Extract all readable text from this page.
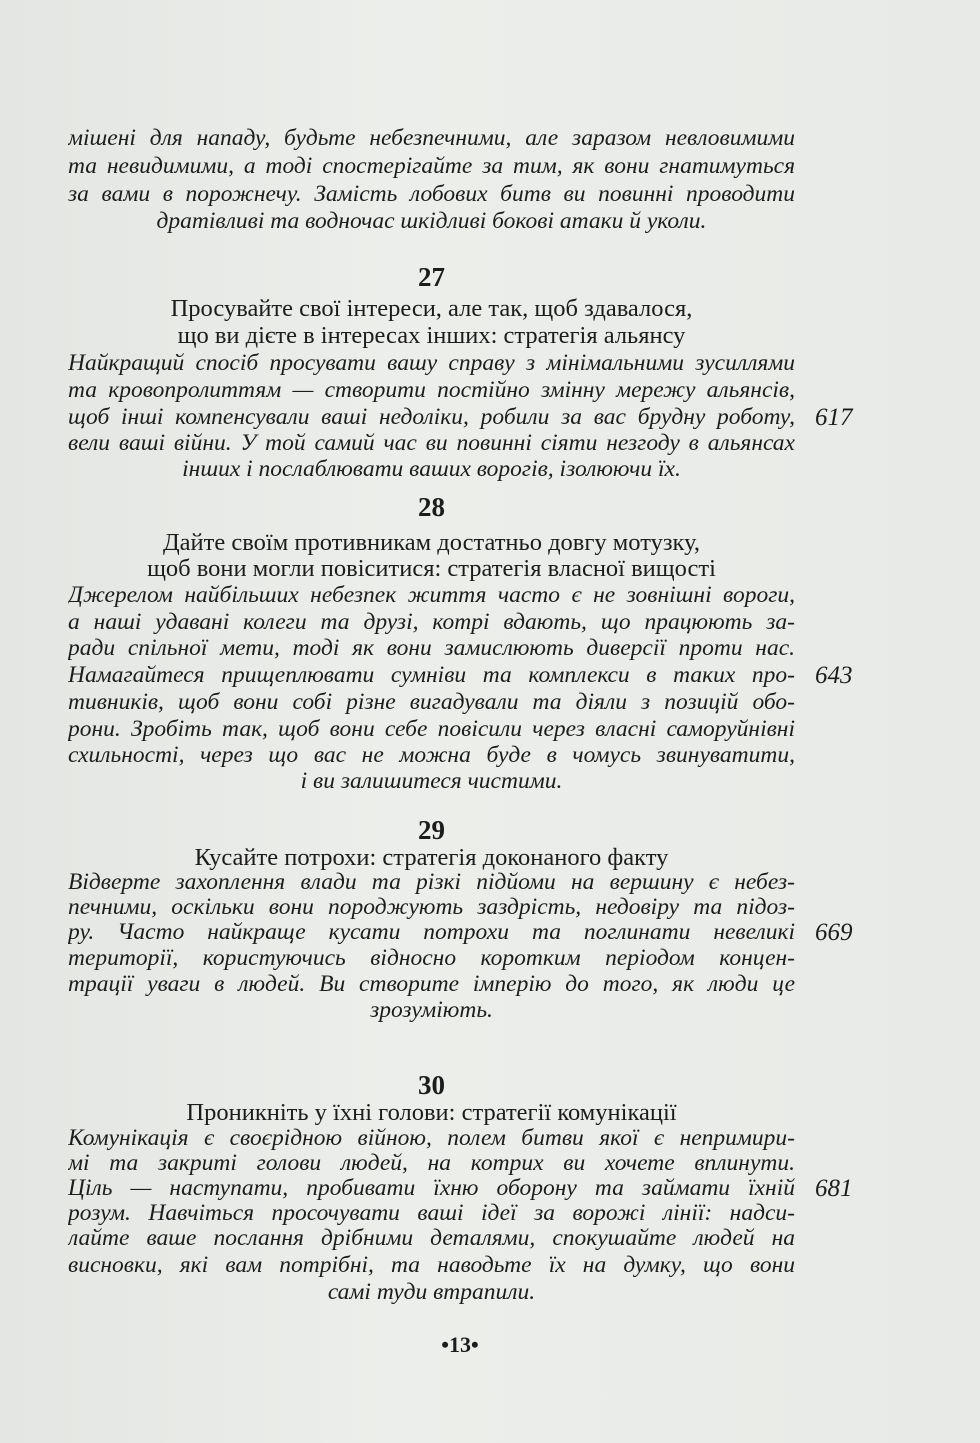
мішені для нападу, будьте небезпечними, але заразом невловимими
та невидимими, а тоді спостерігайте за тим, як вони гнатимуться
за вами в порожнечу. Замість лобових битв ви повинні проводити
дратівливі та водночас шкідливі бокові атаки й уколи.
27
Просувайте свої інтереси, але так, щоб здавалося,
що ви дієте в інтересах інших: стратегія альянсу
Найкращий спосіб просувати вашу справу з мінімальними зусиллями
та кровопролиттям — створити постійно змінну мережу альянсів,
щоб інші компенсували ваші недоліки, робили за вас брудну роботу,
вели ваші війни. У той самий час ви повинні сіяти незгоду в альянсах
інших і послаблювати ваших ворогів, ізолюючи їх.
617
28
Дайте своїм противникам достатньо довгу мотузку,
щоб вони могли повіситися: стратегія власної вищості
Джерелом найбільших небезпек життя часто є не зовнішні вороги,
а наші удавані колеги та друзі, котрі вдають, що працюють за-
ради спільної мети, тоді як вони замислюють диверсії проти нас.
Намагайтеся прищеплювати сумніви та комплекси в таких про-
тивників, щоб вони собі різне вигадували та діяли з позицій обо-
рони. Зробіть так, щоб вони себе повісили через власні саморуйнівні
схильності, через що вас не можна буде в чомусь звинуватити,
і ви залишитеся чистими.
643
29
Кусайте потрохи: стратегія доконаного факту
Відверте захоплення влади та різкі підйоми на вершину є небез-
печними, оскільки вони породжують заздрість, недовіру та підоз-
ру. Часто найкраще кусати потрохи та поглинати невеликі
території, користуючись відносно коротким періодом концен-
трації уваги в людей. Ви створите імперію до того, як люди це
зрозуміють.
669
30
Проникніть у їхні голови: стратегії комунікації
Комунікація є своєрідною війною, полем битви якої є непримири-
мі та закриті голови людей, на котрих ви хочете вплинути.
Ціль — наступати, пробивати їхню оборону та займати їхній
розум. Навчіться просочувати ваші ідеї за ворожі лінії: надси-
лайте ваше послання дрібними деталями, спокушайте людей на
висновки, які вам потрібні, та наводьте їх на думку, що вони
самі туди втрапили.
681
•13•
